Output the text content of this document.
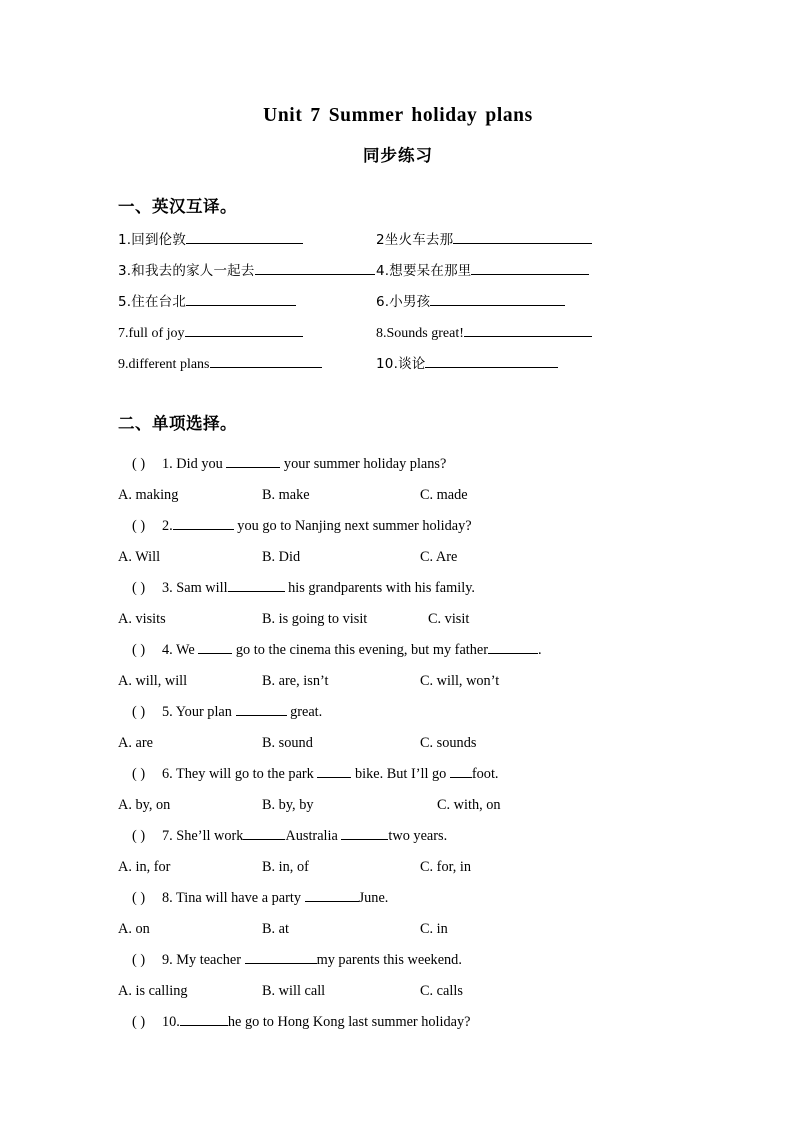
Unit 7 Summer holiday plans
同步练习
一、英汉互译。
1. 回到伦敦	2 坐火车去那
3. 和我去的家人一起去	4. 想要呆在那里
5. 住在台北	6. 小男孩
7. full of joy	8. Sounds great!
9. different plans	10. 谈论
二、单项选择。
( ) 1. Did you	your summer holiday plans?
A. making	B. make	C. made
( ) 2.	you go to Nanjing next summer holiday?
A. Will	B. Did	C. Are
( ) 3. Sam will	his grandparents with his family.
A. visits	B. is going to visit	C. visit
( ) 4. We  go to the cinema this evening, but my father	.
A. will, will	B. are, isn’t	C. will, won’t
( ) 5. Your plan	great.
A. are	B. sound	C. sounds
( ) 6. They will go to the park  bike. But I’ll go foot.
A. by, on	B. by, by	C. with, on
( ) 7. She’ll work	Australia	two years.
A. in, for	B. in, of	C. for, in
( ) 8. Tina will have a party	June.
A. on	B. at	C. in
( ) 9. My teacher	my parents this weekend.
A. is calling	B. will call	C. calls
( ) 10.	he go to Hong Kong last summer holiday?
